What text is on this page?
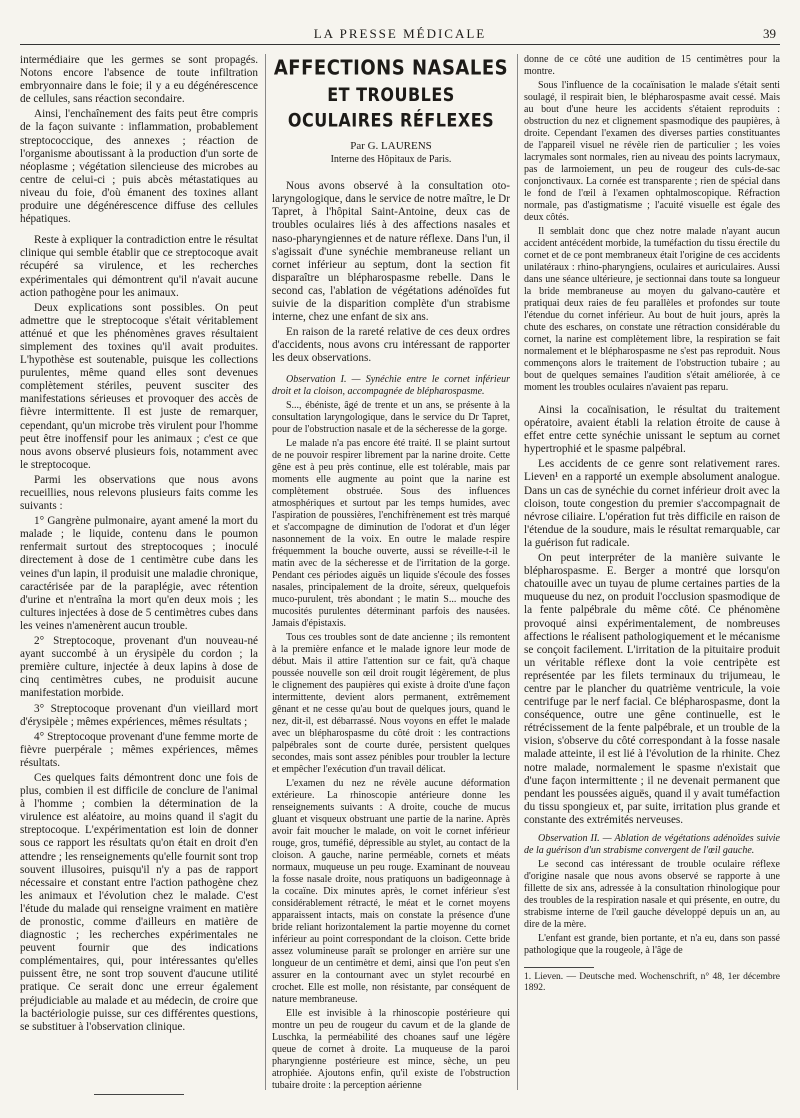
LA PRESSE MÉDICALE	39

intermédiaire que les germes se sont propagés. Notons encore l'absence de toute infiltration embryonnaire dans le foie; il y a eu dégénérescence de cellules, sans réaction secondaire.

Ainsi, l'enchaînement des faits peut être compris de la façon suivante : inflammation, probablement streptococcique, des annexes ; réaction de l'organisme aboutissant à la production d'un sorte de néoplasme ; végétation silencieuse des microbes au centre de celui-ci ; puis abcès métastatiques au niveau du foie, d'où émanent des toxines allant produire une dégénérescence diffuse des cellules hépatiques.

Reste à expliquer la contradiction entre le résultat clinique qui semble établir que ce streptocoque avait récupéré sa virulence, et les recherches expérimentales qui démontrent qu'il n'avait aucune action pathogène pour les animaux.

Deux explications sont possibles. On peut admettre que le streptocoque s'était véritablement atténué et que les phénomènes graves résultaient simplement des toxines qu'il avait produites. L'hypothèse est soutenable, puisque les collections purulentes, même quand elles sont devenues complètement stériles, peuvent susciter des manifestations sérieuses et provoquer des accès de fièvre intermittente. Il est juste de remarquer, cependant, qu'un microbe très virulent pour l'homme peut être inoffensif pour les animaux ; c'est ce que nous avons observé plusieurs fois, notamment avec le streptocoque.

Parmi les observations que nous avons recueillies, nous relevons plusieurs faits comme les suivants :

1° Gangrène pulmonaire, ayant amené la mort du malade ; le liquide, contenu dans le poumon renfermait surtout des streptocoques ; inoculé directement à dose de 1 centimètre cube dans les veines d'un lapin, il produisit une maladie chronique, caractérisée par de la paraplégie, avec rétention d'urine et n'entraîna la mort qu'en deux mois ; les cultures injectées à dose de 5 centimètres cubes dans les veines n'amenèrent aucun trouble.

2° Streptocoque, provenant d'un nouveau-né ayant succombé à un érysipèle du cordon ; la première culture, injectée à deux lapins à dose de cinq centimètres cubes, ne produisit aucune manifestation morbide.

3° Streptocoque provenant d'un vieillard mort d'érysipèle ; mêmes expériences, mêmes résultats ;

4° Streptocoque provenant d'une femme morte de fièvre puerpérale ; mêmes expériences, mêmes résultats.

Ces quelques faits démontrent donc une fois de plus, combien il est difficile de conclure de l'animal à l'homme ; combien la détermination de la virulence est aléatoire, au moins quand il s'agit du streptocoque. L'expérimentation est loin de donner sous ce rapport les résultats qu'on était en droit d'en attendre ; les renseignements qu'elle fournit sont trop souvent illusoires, puisqu'il n'y a pas de rapport nécessaire et constant entre l'action pathogène chez les animaux et l'évolution chez le malade. C'est l'étude du malade qui renseigne vraiment en matière de pronostic, comme d'ailleurs en matière de diagnostic ; les recherches expérimentales ne peuvent fournir que des indications complémentaires, qui, pour intéressantes qu'elles puissent être, ne sont trop souvent d'aucune utilité pratique. Ce serait donc une erreur également préjudiciable au malade et au médecin, de croire que la bactériologie puisse, sur ces différentes questions, se substituer à l'observation clinique.

AFFECTIONS NASALES
ET TROUBLES OCULAIRES RÉFLEXES
Par G. LAURENS
Interne des Hôpitaux de Paris.

Nous avons observé à la consultation oto-laryngologique, dans le service de notre maître, le Dr Tapret, à l'hôpital Saint-Antoine, deux cas de troubles oculaires liés à des affections nasales et naso-pharyngiennes et de nature réflexe. Dans l'un, il s'agissait d'une synéchie membraneuse reliant un cornet inférieur au septum, dont la section fit disparaître un blépharospasme rebelle. Dans le second cas, l'ablation de végétations adénoïdes fut suivie de la disparition complète d'un strabisme interne, chez une enfant de six ans.

En raison de la rareté relative de ces deux ordres d'accidents, nous avons cru intéressant de rapporter les deux observations.

Observation I. — Synéchie entre le cornet inférieur droit et la cloison, accompagnée de blépharospasme.

S..., ébéniste, âgé de trente et un ans, se présente à la consultation laryngologique, dans le service du Dr Tapret, pour de l'obstruction nasale et de la sécheresse de la gorge.

Le malade n'a pas encore été traité. Il se plaint surtout de ne pouvoir respirer librement par la narine droite. Cette gêne est à peu près continue, elle est tolérable, mais par moments elle augmente au point que la narine est complètement obstruée. Sous des influences atmosphériques et surtout par les temps humides, avec l'aspiration de poussières, l'enchifrènement est très marqué et s'accompagne de diminution de l'odorat et d'un léger nasonnement de la voix. En outre le malade respire fréquemment la bouche ouverte, aussi se réveille-t-il le matin avec de la sécheresse et de l'irritation de la gorge. Pendant ces périodes aiguës un liquide s'écoule des fosses nasales, principalement de la droite, séreux, quelquefois muco-purulent, très abondant ; le matin S... mouche des mucosités purulentes déterminant parfois des nausées. Jamais d'épistaxis.

Tous ces troubles sont de date ancienne ; ils remontent à la première enfance et le malade ignore leur mode de début. Mais il attire l'attention sur ce fait, qu'à chaque poussée nouvelle son œil droit rougit légèrement, de plus le clignement des paupières qui existe à droite d'une façon intermittente, devient alors permanent, extrêmement gênant et ne cesse qu'au bout de quelques jours, quand le nez, dit-il, est débarrassé. Nous voyons en effet le malade avec un blépharospasme du côté droit : les contractions palpébrales sont de courte durée, persistent quelques secondes, mais sont assez pénibles pour troubler la lecture et empêcher l'exécution d'un travail délicat.

L'examen du nez ne révèle aucune déformation extérieure. La rhinoscopie antérieure donne les renseignements suivants : A droite, couche de mucus gluant et visqueux obstruant une partie de la narine. Après avoir fait moucher le malade, on voit le cornet inférieur rouge, gros, tuméfié, dépressible au stylet, au contact de la cloison. A gauche, narine perméable, cornets et méats normaux, muqueuse un peu rouge. Examinant de nouveau la fosse nasale droite, nous pratiquons un badigeonnage à la cocaïne. Dix minutes après, le cornet inférieur s'est considérablement rétracté, le méat et le cornet moyens apparaissent intacts, mais on constate la présence d'une bride reliant horizontalement la partie moyenne du cornet inférieur au point correspondant de la cloison. Cette bride assez volumineuse paraît se prolonger en arrière sur une longueur de un centimètre et demi, ainsi que l'on peut s'en assurer en la contournant avec un stylet recourbé en crochet. Elle est molle, non résistante, par conséquent de nature membraneuse.

Elle est invisible à la rhinoscopie postérieure qui montre un peu de rougeur du cavum et de la glande de Luschka, la perméabilité des choanes sauf une légère queue de cornet à droite. La muqueuse de la paroi pharyngienne postérieure est mince, sèche, un peu atrophiée. Ajoutons enfin, qu'il existe de l'obstruction tubaire droite : la perception aérienne

donne de ce côté une audition de 15 centimètres pour la montre.

Sous l'influence de la cocaïnisation le malade s'était senti soulagé, il respirait bien, le blépharospasme avait cessé. Mais au bout d'une heure les accidents s'étaient reproduits : obstruction du nez et clignement spasmodique des paupières, à droite. Cependant l'examen des diverses parties constituantes de l'appareil visuel ne révèle rien de particulier ; les voies lacrymales sont normales, rien au niveau des points lacrymaux, pas de larmoiement, un peu de rougeur des culs-de-sac conjonctivaux. La cornée est transparente ; rien de spécial dans le fond de l'œil à l'examen ophtalmoscopique. Réfraction normale, pas d'astigmatisme ; l'acuité visuelle est égale des deux côtés.

Il semblait donc que chez notre malade n'ayant aucun accident antécédent morbide, la tuméfaction du tissu érectile du cornet et de ce pont membraneux était l'origine de ces accidents unilatéraux : rhino-pharyngiens, oculaires et auriculaires. Aussi dans une séance ultérieure, je sectionnai dans toute sa longueur la bride membraneuse au moyen du galvano-cautère et pratiquai deux raies de feu parallèles et profondes sur toute l'étendue du cornet inférieur. Au bout de huit jours, après la chute des eschares, on constate une rétraction considérable du cornet, la narine est complètement libre, la respiration se fait normalement et le blépharospasme ne s'est pas reproduit. Nous commençons alors le traitement de l'obstruction tubaire ; au bout de quelques semaines l'audition s'était améliorée, à ce moment les troubles oculaires n'avaient pas reparu.

Ainsi la cocaïnisation, le résultat du traitement opératoire, avaient établi la relation étroite de cause à effet entre cette synéchie unissant le septum au cornet hypertrophié et le spasme palpébral.

Les accidents de ce genre sont relativement rares. Lieven¹ en a rapporté un exemple absolument analogue. Dans un cas de synéchie du cornet inférieur droit avec la cloison, toute congestion du premier s'accompagnait de névrose ciliaire. L'opération fut très difficile en raison de l'étendue de la soudure, mais le résultat remarquable, car la guérison fut radicale.

On peut interpréter de la manière suivante le blépharospasme. E. Berger a montré que lorsqu'on chatouille avec un tuyau de plume certaines parties de la muqueuse du nez, on produit l'occlusion spasmodique de la fente palpébrale du même côté. Ce phénomène provoqué ainsi expérimentalement, de nombreuses affections le réalisent pathologiquement et le mécanisme se conçoit facilement. L'irritation de la pituitaire produit un véritable réflexe dont la voie centripète est représentée par les filets terminaux du trijumeau, le centre par le plancher du quatrième ventricule, la voie centrifuge par le nerf facial. Ce blépharospasme, dont la conséquence, outre une gêne continuelle, est le rétrécissement de la fente palpébrale, et un trouble de la vision, s'observe du côté correspondant à la fosse nasale malade atteinte, il est lié à l'évolution de la rhinite. Chez notre malade, normalement le spasme n'existait que d'une façon intermittente ; il ne devenait permanent que pendant les poussées aiguës, quand il y avait tuméfaction du tissu spongieux et, par suite, irritation plus grande et constante des extrémités nerveuses.

Observation II. — Ablation de végétations adénoïdes suivie de la guérison d'un strabisme convergent de l'œil gauche.

Le second cas intéressant de trouble oculaire réflexe d'origine nasale que nous avons observé se rapporte à une fillette de six ans, adressée à la consultation rhinologique pour des troubles de la respiration nasale et qui présente, en outre, du strabisme interne de l'œil gauche développé depuis un an, au dire de la mère.

L'enfant est grande, bien portante, et n'a eu, dans son passé pathologique que la rougeole, à l'âge de

1. Lieven. — Deutsche med. Wochenschrift, n° 48, 1er décembre 1892.
